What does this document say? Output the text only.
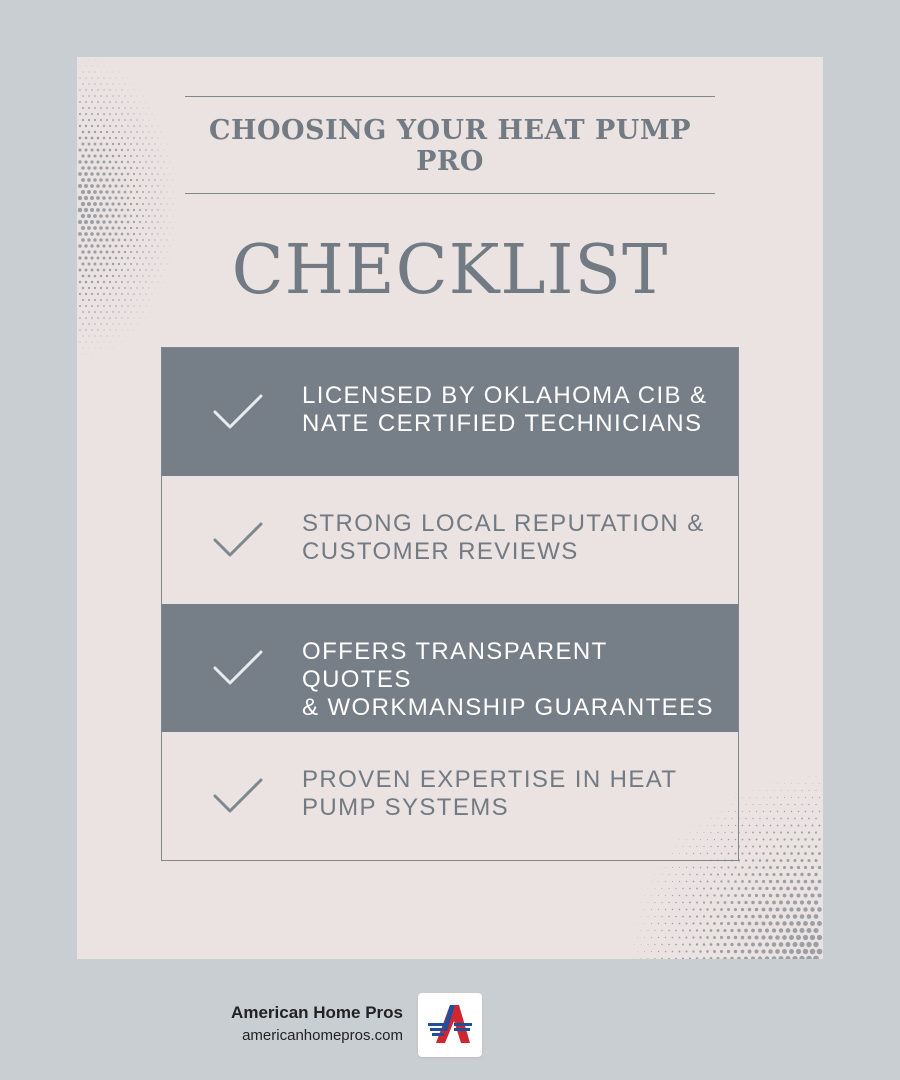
CHOOSING YOUR HEAT PUMP PRO
CHECKLIST
LICENSED BY OKLAHOMA CIB &
NATE CERTIFIED TECHNICIANS
STRONG LOCAL REPUTATION &
CUSTOMER REVIEWS
OFFERS TRANSPARENT QUOTES
& WORKMANSHIP GUARANTEES
PROVEN EXPERTISE IN HEAT
PUMP SYSTEMS
American Home Pros
americanhomepros.com
